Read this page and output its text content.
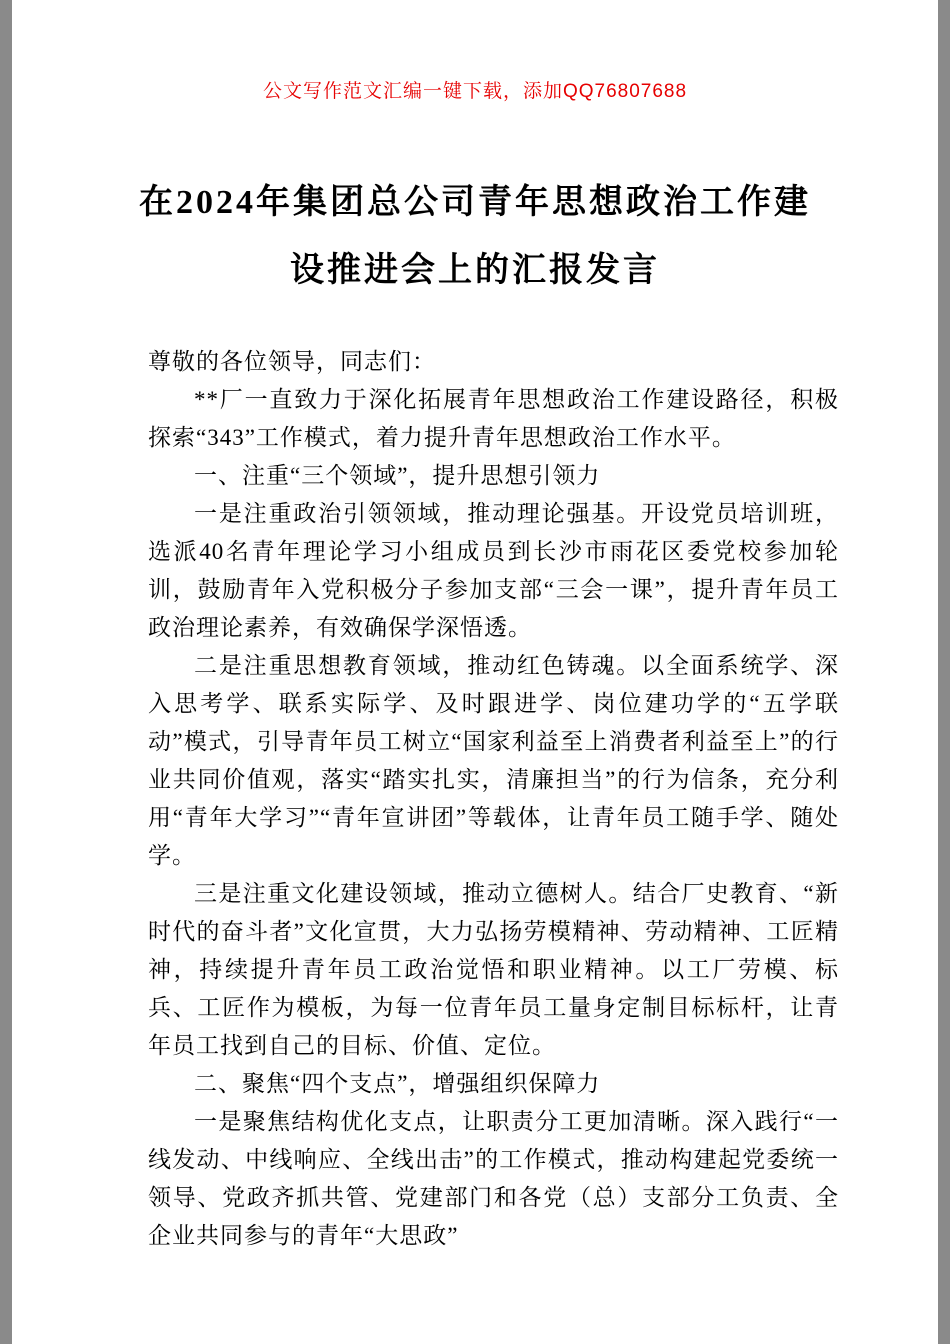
公文写作范文汇编一键下载，添加QQ76807688

在2024年集团总公司青年思想政治工作建设推进会上的汇报发言

尊敬的各位领导，同志们：

**厂一直致力于深化拓展青年思想政治工作建设路径，积极探索“343”工作模式，着力提升青年思想政治工作水平。

一、注重“三个领域”，提升思想引领力

一是注重政治引领领域，推动理论强基。开设党员培训班，选派40名青年理论学习小组成员到长沙市雨花区委党校参加轮训，鼓励青年入党积极分子参加支部“三会一课”，提升青年员工政治理论素养，有效确保学深悟透。

二是注重思想教育领域，推动红色铸魂。以全面系统学、深入思考学、联系实际学、及时跟进学、岗位建功学的“五学联动”模式，引导青年员工树立“国家利益至上消费者利益至上”的行业共同价值观，落实“踏实扎实，清廉担当”的行为信条，充分利用“青年大学习”“青年宣讲团”等载体，让青年员工随手学、随处学。

三是注重文化建设领域，推动立德树人。结合厂史教育、“新时代的奋斗者”文化宣贯，大力弘扬劳模精神、劳动精神、工匠精神，持续提升青年员工政治觉悟和职业精神。以工厂劳模、标兵、工匠作为模板，为每一位青年员工量身定制目标标杆，让青年员工找到自己的目标、价值、定位。

二、聚焦“四个支点”，增强组织保障力

一是聚焦结构优化支点，让职责分工更加清晰。深入践行“一线发动、中线响应、全线出击”的工作模式，推动构建起党委统一领导、党政齐抓共管、党建部门和各党（总）支部分工负责、全企业共同参与的青年“大思政”
